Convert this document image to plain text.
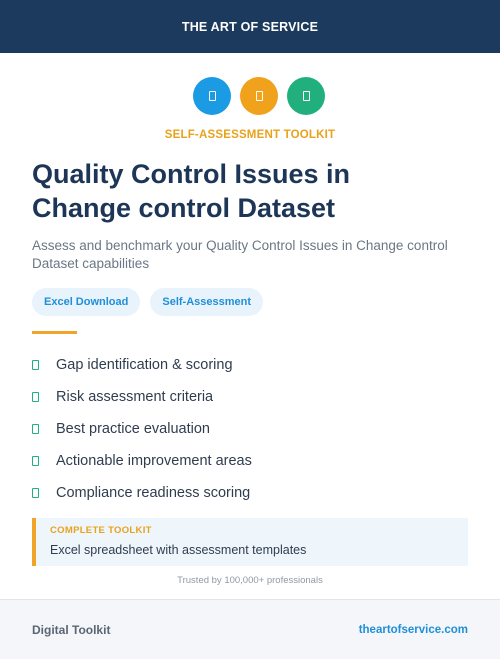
THE ART OF SERVICE
SELF-ASSESSMENT TOOLKIT
Quality Control Issues in
Change control Dataset

Assess and benchmark your Quality Control Issues in Change control Dataset capabilities

Excel Download	Self-Assessment
Gap identification & scoring
Risk assessment criteria
Best practice evaluation
Actionable improvement areas
Compliance readiness scoring
COMPLETE TOOLKIT
Excel spreadsheet with assessment templates
Trusted by 100,000+ professionals
Digital Toolkit	theartofservice.com
